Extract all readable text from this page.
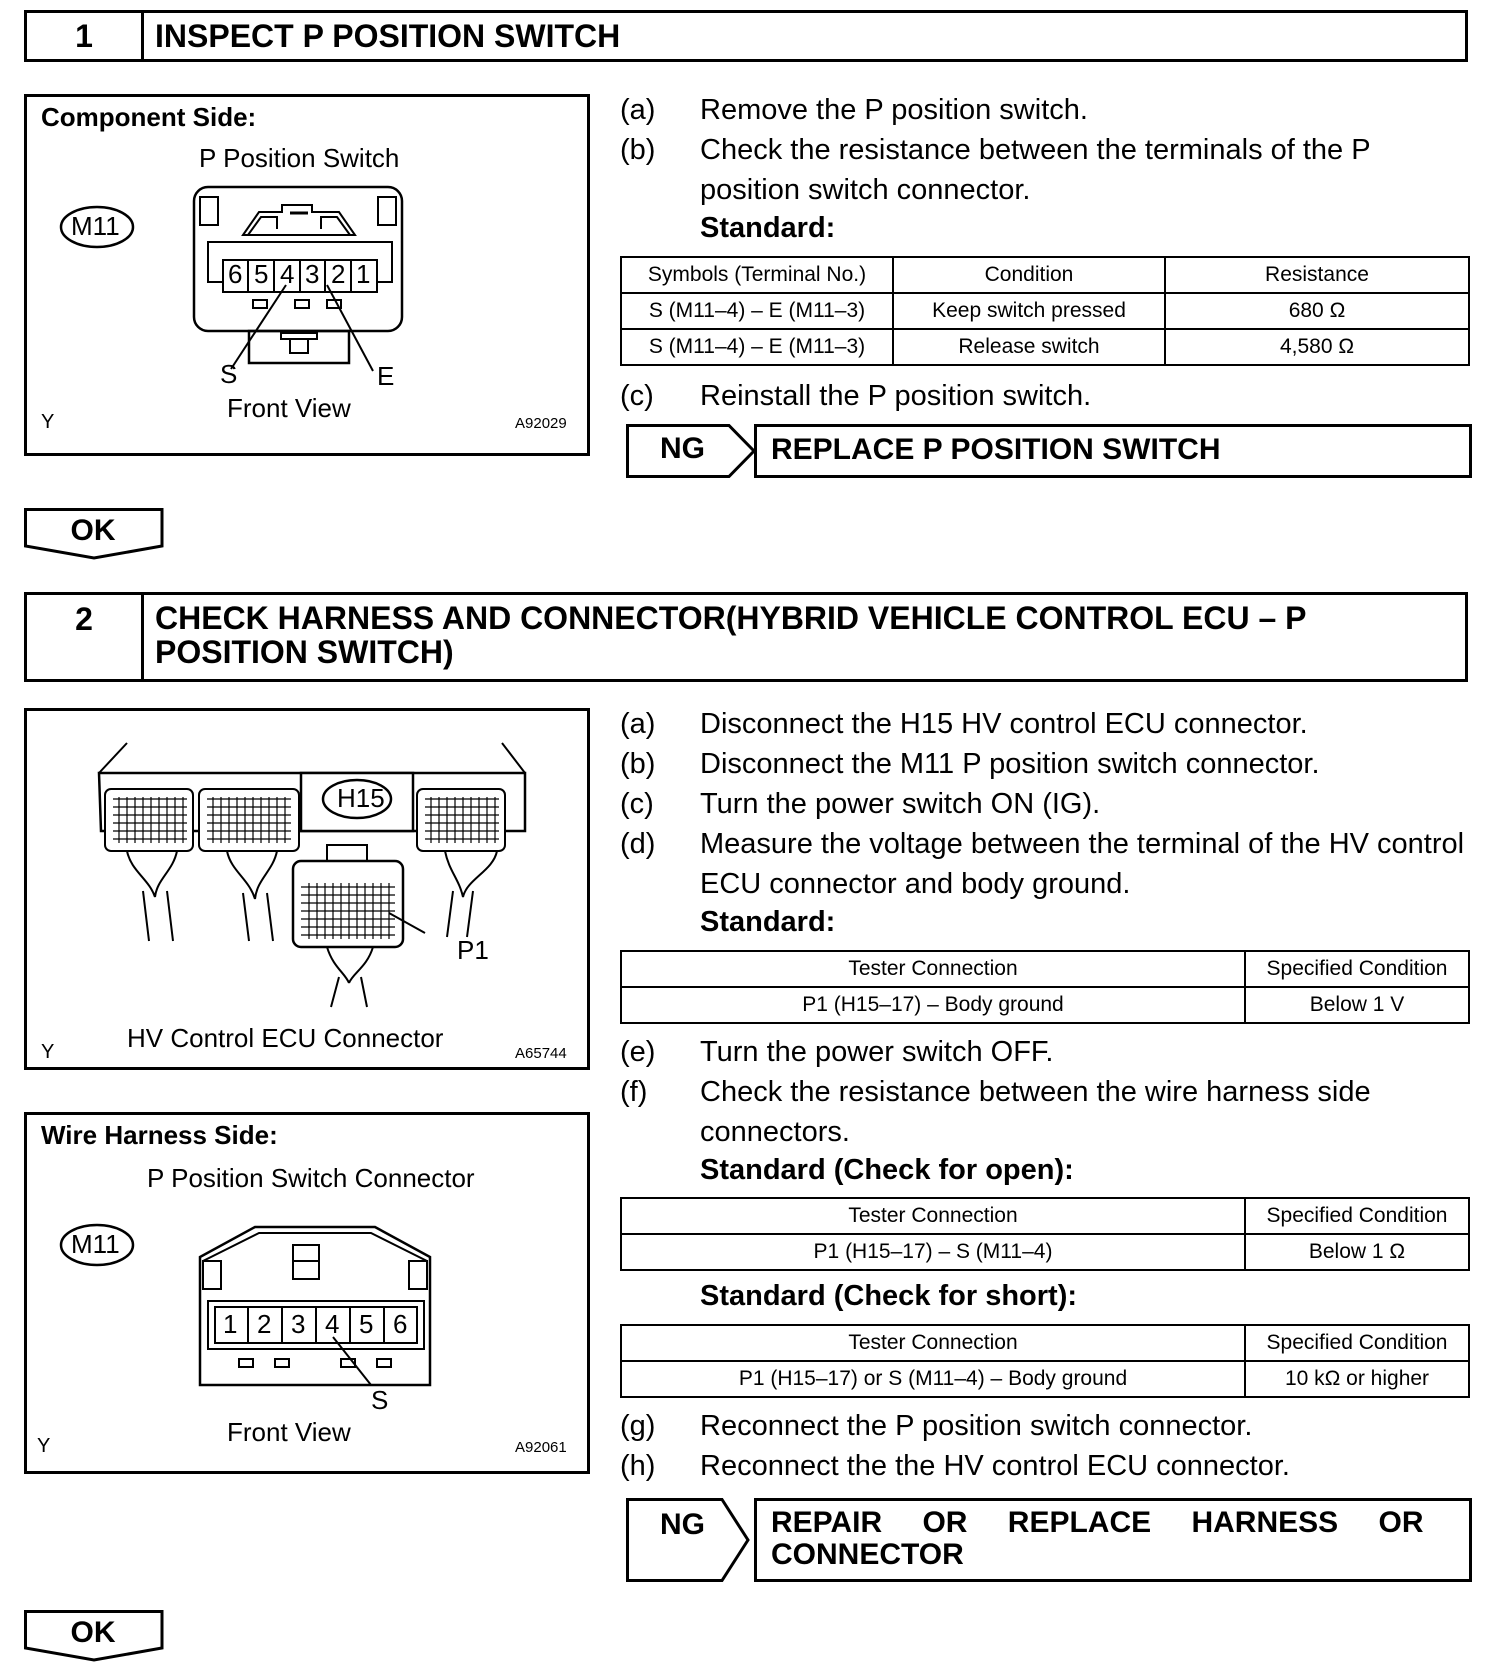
1	INSPECT P POSITION SWITCH
Component Side:
P Position Switch
M11
6 5 4 3 2 1
S	E
Front View
Y	A92029
(a) Remove the P position switch.
(b) Check the resistance between the terminals of the P position switch connector.
Standard:
Symbols (Terminal No.)	Condition	Resistance
S (M11–4) – E (M11–3)	Keep switch pressed	680 Ω
S (M11–4) – E (M11–3)	Release switch	4,580 Ω
(c) Reinstall the P position switch.
NG	REPLACE P POSITION SWITCH
OK
2	CHECK HARNESS AND CONNECTOR(HYBRID VEHICLE CONTROL ECU – P POSITION SWITCH)
H15
P1
HV Control ECU Connector
Y	A65744
Wire Harness Side:
P Position Switch Connector
M11
1 2 3 4 5 6
S
Front View
Y	A92061
(a) Disconnect the H15 HV control ECU connector.
(b) Disconnect the M11 P position switch connector.
(c) Turn the power switch ON (IG).
(d) Measure the voltage between the terminal of the HV control ECU connector and body ground.
Standard:
Tester Connection	Specified Condition
P1 (H15–17) – Body ground	Below 1 V
(e) Turn the power switch OFF.
(f) Check the resistance between the wire harness side connectors.
Standard (Check for open):
Tester Connection	Specified Condition
P1 (H15–17) – S (M11–4)	Below 1 Ω
Standard (Check for short):
Tester Connection	Specified Condition
P1 (H15–17) or S (M11–4) – Body ground	10 kΩ or higher
(g) Reconnect the P position switch connector.
(h) Reconnect the the HV control ECU connector.
NG	REPAIR OR REPLACE HARNESS OR CONNECTOR
OK
